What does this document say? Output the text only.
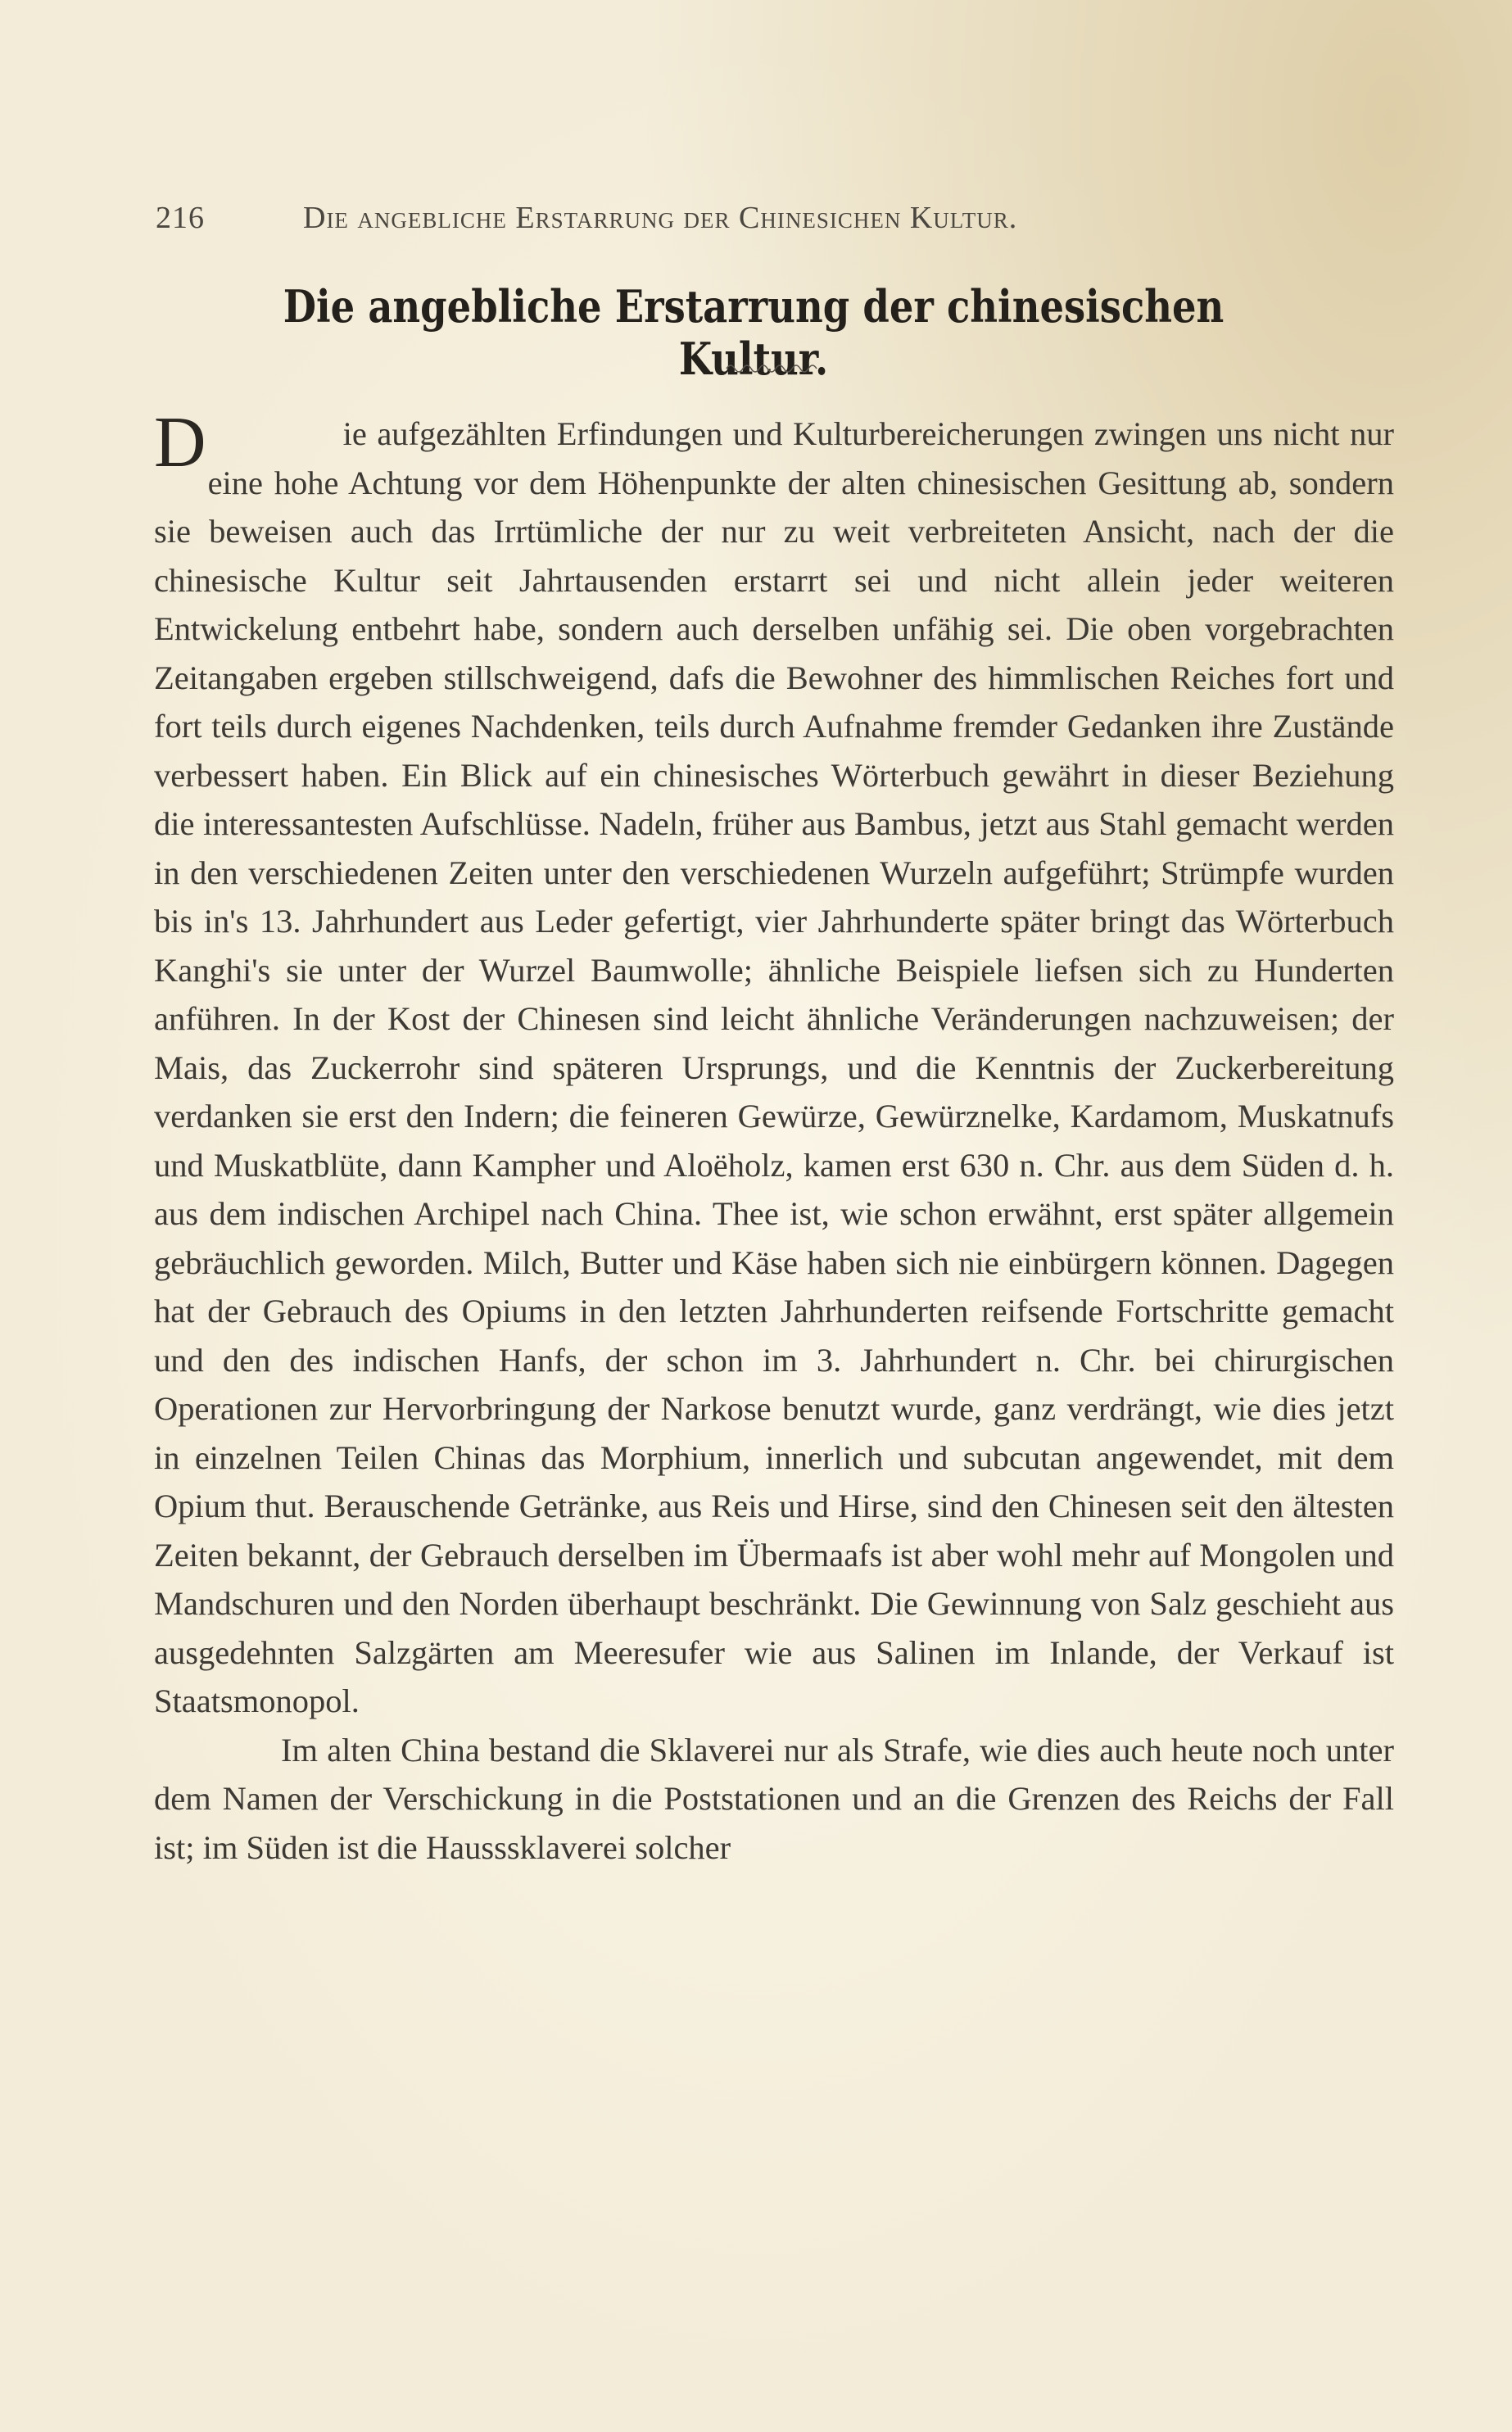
216	Die angebliche Erstarrung der Chinesichen Kultur.
Die angebliche Erstarrung der chinesischen Kultur.

D	ie aufgezählten Erfindungen und Kulturbereicherungen zwingen uns nicht nur eine hohe Achtung vor dem Höhenpunkte der alten chinesischen Gesittung ab, sondern sie beweisen auch das Irrtümliche der nur zu weit verbreiteten Ansicht, nach der die chinesische Kultur seit Jahrtausenden erstarrt sei und nicht allein jeder weiteren Entwickelung entbehrt habe, sondern auch derselben unfähig sei. Die oben vorgebrachten Zeitangaben ergeben stillschweigend, dafs die Bewohner des himmlischen Reiches fort und fort teils durch eigenes Nachdenken, teils durch Aufnahme fremder Gedanken ihre Zustände verbessert haben. Ein Blick auf ein chinesisches Wörterbuch gewährt in dieser Beziehung die interessantesten Aufschlüsse. Nadeln, früher aus Bambus, jetzt aus Stahl gemacht werden in den verschiedenen Zeiten unter den verschiedenen Wurzeln aufgeführt; Strümpfe wurden bis in's 13. Jahrhundert aus Leder gefertigt, vier Jahrhunderte später bringt das Wörterbuch Kanghi's sie unter der Wurzel Baumwolle; ähnliche Beispiele liefsen sich zu Hunderten anführen. In der Kost der Chinesen sind leicht ähnliche Veränderungen nachzuweisen; der Mais, das Zuckerrohr sind späteren Ursprungs, und die Kenntnis der Zuckerbereitung verdanken sie erst den Indern; die feineren Gewürze, Gewürznelke, Kardamom, Muskatnufs und Muskatblüte, dann Kampher und Aloëholz, kamen erst 630 n. Chr. aus dem Süden d. h. aus dem indischen Archipel nach China. Thee ist, wie schon erwähnt, erst später allgemein gebräuchlich geworden. Milch, Butter und Käse haben sich nie einbürgern können. Dagegen hat der Gebrauch des Opiums in den letzten Jahrhunderten reifsende Fortschritte gemacht und den des indischen Hanfs, der schon im 3. Jahrhundert n. Chr. bei chirurgischen Operationen zur Hervorbringung der Narkose benutzt wurde, ganz verdrängt, wie dies jetzt in einzelnen Teilen Chinas das Morphium, innerlich und subcutan angewendet, mit dem Opium thut. Berauschende Getränke, aus Reis und Hirse, sind den Chinesen seit den ältesten Zeiten bekannt, der Gebrauch derselben im Übermaafs ist aber wohl mehr auf Mongolen und Mandschuren und den Norden überhaupt beschränkt. Die Gewinnung von Salz geschieht aus ausgedehnten Salzgärten am Meeresufer wie aus Salinen im Inlande, der Verkauf ist Staatsmonopol.

Im alten China bestand die Sklaverei nur als Strafe, wie dies auch heute noch unter dem Namen der Verschickung in die Poststationen und an die Grenzen des Reichs der Fall ist; im Süden ist die Hausssklaverei solcher
